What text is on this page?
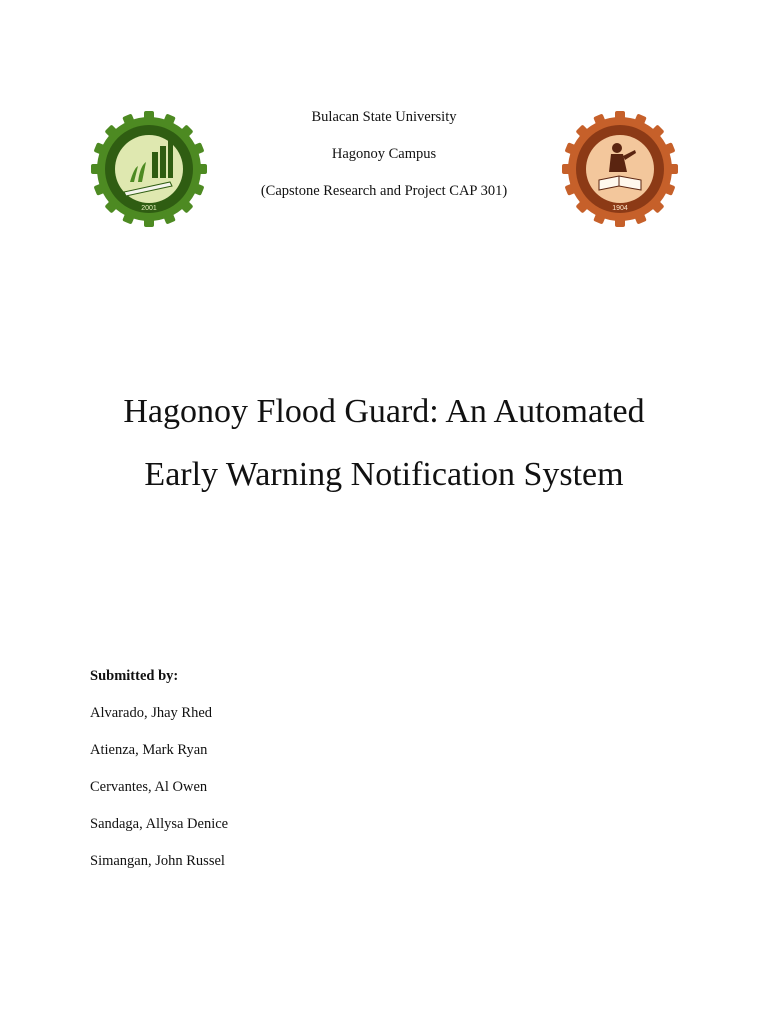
2001
Bulacan State University
Hagonoy Campus
(Capstone Research and Project CAP 301)
1904
Hagonoy Flood Guard: An Automated
Early Warning Notification System
Submitted by:
Alvarado, Jhay Rhed
Atienza, Mark Ryan
Cervantes, Al Owen
Sandaga, Allysa Denice
Simangan, John Russel
